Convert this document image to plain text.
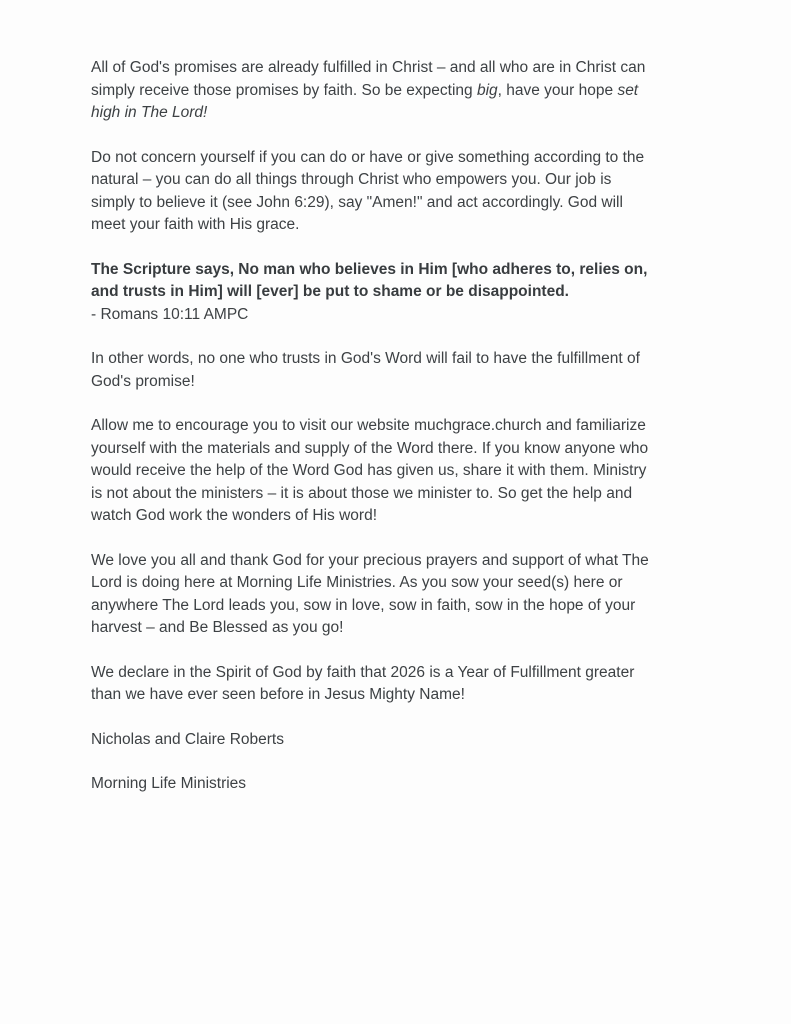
All of God's promises are already fulfilled in Christ – and all who are in Christ can
simply receive those promises by faith. So be expecting big, have your hope set
high in The Lord!
Do not concern yourself if you can do or have or give something according to the
natural – you can do all things through Christ who empowers you. Our job is
simply to believe it (see John 6:29), say "Amen!" and act accordingly. God will
meet your faith with His grace.
The Scripture says, No man who believes in Him [who adheres to, relies on,
and trusts in Him] will [ever] be put to shame or be disappointed.
- Romans 10:11 AMPC
In other words, no one who trusts in God's Word will fail to have the fulfillment of
God's promise!
Allow me to encourage you to visit our website muchgrace.church and familiarize
yourself with the materials and supply of the Word there. If you know anyone who
would receive the help of the Word God has given us, share it with them. Ministry
is not about the ministers – it is about those we minister to. So get the help and
watch God work the wonders of His word!
We love you all and thank God for your precious prayers and support of what The
Lord is doing here at Morning Life Ministries. As you sow your seed(s) here or
anywhere The Lord leads you, sow in love, sow in faith, sow in the hope of your
harvest – and Be Blessed as you go!
We declare in the Spirit of God by faith that 2026 is a Year of Fulfillment greater
than we have ever seen before in Jesus Mighty Name!
Nicholas and Claire Roberts
Morning Life Ministries
